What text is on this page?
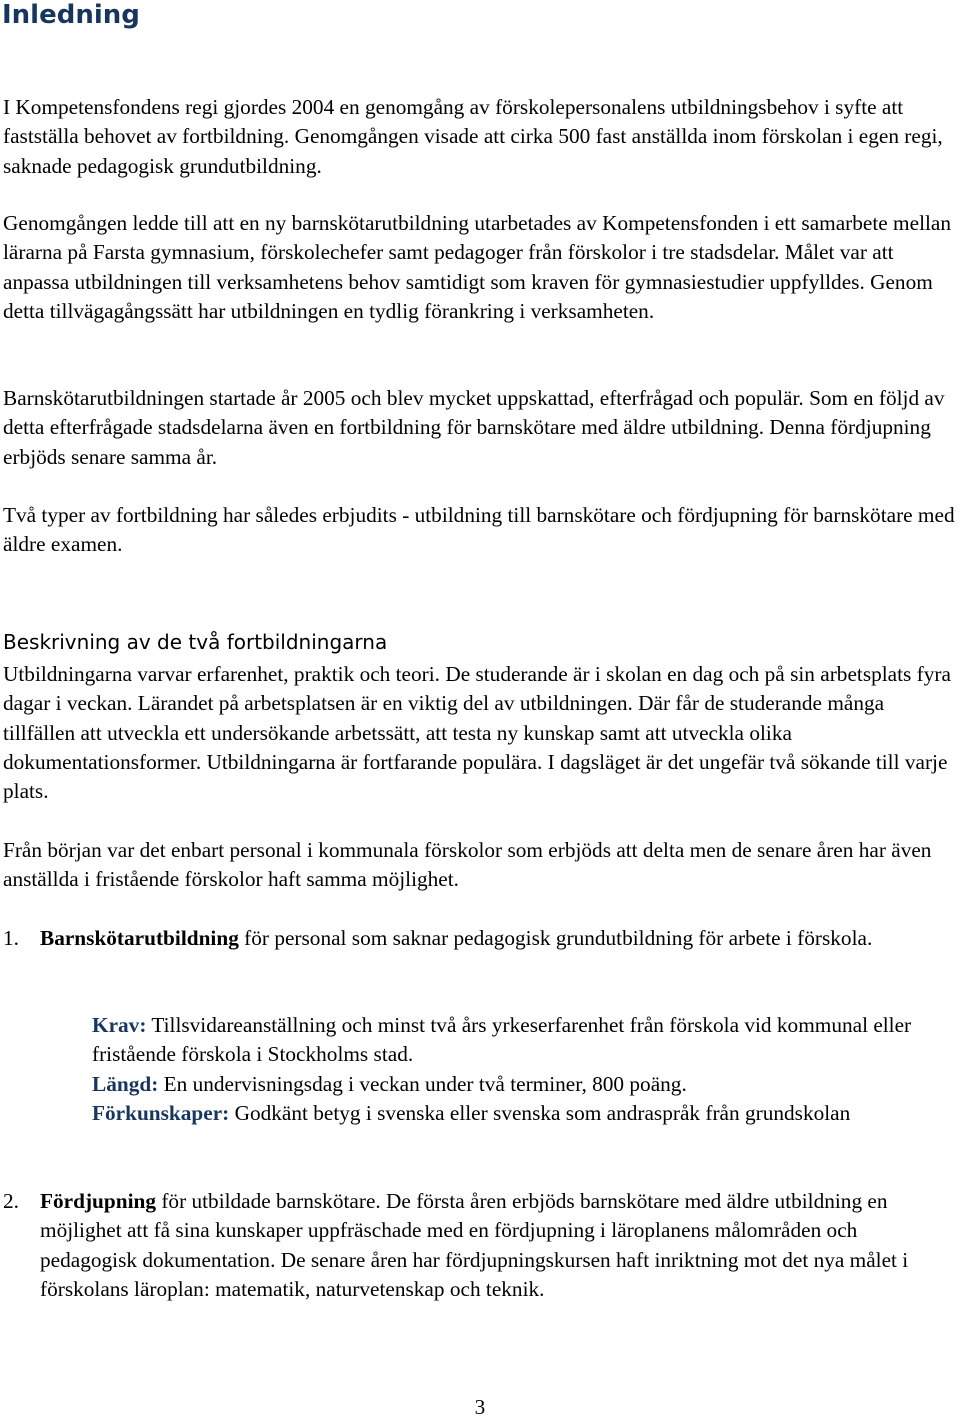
Inledning

I Kompetensfondens regi gjordes 2004 en genomgång av förskolepersonalens utbildningsbehov i syfte att fastställa behovet av fortbildning. Genomgången visade att cirka 500 fast anställda inom förskolan i egen regi, saknade pedagogisk grundutbildning.

Genomgången ledde till att en ny barnskötarutbildning utarbetades av Kompetensfonden i ett samarbete mellan lärarna på Farsta gymnasium, förskolechefer samt pedagoger från förskolor i tre stadsdelar. Målet var att anpassa utbildningen till verksamhetens behov samtidigt som kraven för gymnasiestudier uppfylldes. Genom detta tillvägagångssätt har utbildningen en tydlig förankring i verksamheten.

Barnskötarutbildningen startade år 2005 och blev mycket uppskattad, efterfrågad och populär. Som en följd av detta efterfrågade stadsdelarna även en fortbildning för barnskötare med äldre utbildning. Denna fördjupning erbjöds senare samma år.

Två typer av fortbildning har således erbjudits - utbildning till barnskötare och fördjupning för barnskötare med äldre examen.

Beskrivning av de två fortbildningarna

Utbildningarna varvar erfarenhet, praktik och teori. De studerande är i skolan en dag och på sin arbetsplats fyra dagar i veckan. Lärandet på arbetsplatsen är en viktig del av utbildningen. Där får de studerande många tillfällen att utveckla ett undersökande arbetssätt, att testa ny kunskap samt att utveckla olika dokumentationsformer. Utbildningarna är fortfarande populära. I dagsläget är det ungefär två sökande till varje plats.

Från början var det enbart personal i kommunala förskolor som erbjöds att delta men de senare åren har även anställda i fristående förskolor haft samma möjlighet.

1. Barnskötarutbildning för personal som saknar pedagogisk grundutbildning för arbete i förskola.
Krav: Tillsvidareanställning och minst två års yrkeserfarenhet från förskola vid kommunal eller fristående förskola i Stockholms stad.
Längd: En undervisningsdag i veckan under två terminer, 800 poäng.
Förkunskaper: Godkänt betyg i svenska eller svenska som andraspråk från grundskolan
2. Fördjupning för utbildade barnskötare. De första åren erbjöds barnskötare med äldre utbildning en möjlighet att få sina kunskaper uppfräschade med en fördjupning i läroplanens målområden och pedagogisk dokumentation. De senare åren har fördjupningskursen haft inriktning mot det nya målet i förskolans läroplan: matematik, naturvetenskap och teknik.
3
